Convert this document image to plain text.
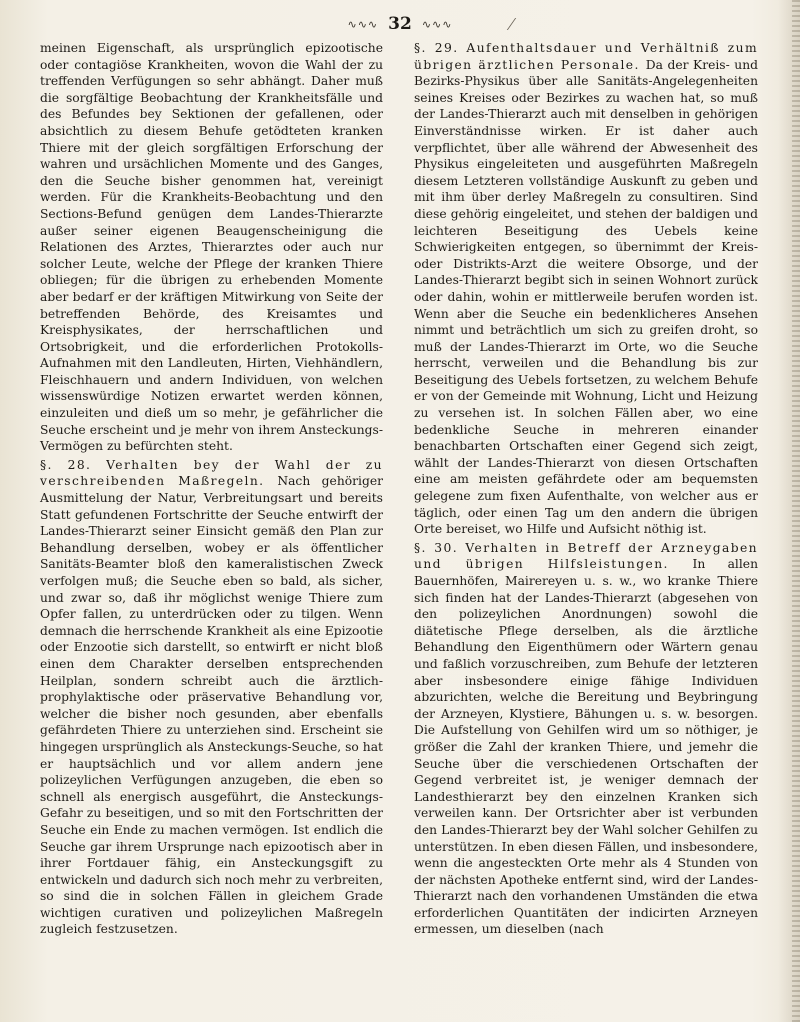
∿∿∿ 32 ∿∿∿

meinen Eigenschaft, als ursprünglich epizootische oder contagiöse Krankheiten, wovon die Wahl der zu treffenden Verfügungen so sehr abhängt. Daher muß die sorgfältige Beobachtung der Krankheitsfälle und des Befundes bey Sektionen der gefallenen, oder absichtlich zu diesem Behufe getödteten kranken Thiere mit der gleich sorgfältigen Erforschung der wahren und ursächlichen Momente und des Ganges, den die Seuche bisher genommen hat, vereinigt werden. Für die Krankheits-Beobachtung und den Sections-Befund genügen dem Landes-Thierarzte außer seiner eigenen Beaugenscheinigung die Relationen des Arztes, Thierarztes oder auch nur solcher Leute, welche der Pflege der kranken Thiere obliegen; für die übrigen zu erhebenden Momente aber bedarf er der kräftigen Mitwirkung von Seite der betreffenden Behörde, des Kreisamtes und Kreisphysikates, der herrschaftlichen und Ortsobrigkeit, und die erforderlichen Protokolls-Aufnahmen mit den Landleuten, Hirten, Viehhändlern, Fleischhauern und andern Individuen, von welchen wissenswürdige Notizen erwartet werden können, einzuleiten und dieß um so mehr, je gefährlicher die Seuche erscheint und je mehr von ihrem Ansteckungs-Vermögen zu befürchten steht.

§. 28. Verhalten bey der Wahl der zu verschreibenden Maßregeln. Nach gehöriger Ausmittelung der Natur, Verbreitungsart und bereits Statt gefundenen Fortschritte der Seuche entwirft der Landes-Thierarzt seiner Einsicht gemäß den Plan zur Behandlung derselben, wobey er als öffentlicher Sanitäts-Beamter bloß den kameralistischen Zweck verfolgen muß; die Seuche eben so bald, als sicher, und zwar so, daß ihr möglichst wenige Thiere zum Opfer fallen, zu unterdrücken oder zu tilgen. Wenn demnach die herrschende Krankheit als eine Epizootie oder Enzootie sich darstellt, so entwirft er nicht bloß einen dem Charakter derselben entsprechenden Heilplan, sondern schreibt auch die ärztlich-prophylaktische oder präservative Behandlung vor, welcher die bisher noch gesunden, aber ebenfalls gefährdeten Thiere zu unterziehen sind. Erscheint sie hingegen ursprünglich als Ansteckungs-Seuche, so hat er hauptsächlich und vor allem andern jene polizeylichen Verfügungen anzugeben, die eben so schnell als energisch ausgeführt, die Ansteckungs-Gefahr zu beseitigen, und so mit den Fortschritten der Seuche ein Ende zu machen vermögen. Ist endlich die Seuche gar ihrem Ursprunge nach epizootisch aber in ihrer Fortdauer fähig, ein Ansteckungsgift zu entwickeln und dadurch sich noch mehr zu verbreiten, so sind die in solchen Fällen in gleichem Grade wichtigen curativen und polizeylichen Maßregeln zugleich festzusetzen.

§. 29. Aufenthaltsdauer und Verhältniß zum übrigen ärztlichen Personale. Da der Kreis- und Bezirks-Physikus über alle Sanitäts-Angelegenheiten seines Kreises oder Bezirkes zu wachen hat, so muß der Landes-Thierarzt auch mit denselben in gehörigen Einverständnisse wirken. Er ist daher auch verpflichtet, über alle während der Abwesenheit des Physikus eingeleiteten und ausgeführten Maßregeln diesem Letzteren vollständige Auskunft zu geben und mit ihm über derley Maßregeln zu consultiren. Sind diese gehörig eingeleitet, und stehen der baldigen und leichteren Beseitigung des Uebels keine Schwierigkeiten entgegen, so übernimmt der Kreis- oder Distrikts-Arzt die weitere Obsorge, und der Landes-Thierarzt begibt sich in seinen Wohnort zurück oder dahin, wohin er mittlerweile berufen worden ist. Wenn aber die Seuche ein bedenklicheres Ansehen nimmt und beträchtlich um sich zu greifen droht, so muß der Landes-Thierarzt im Orte, wo die Seuche herrscht, verweilen und die Behandlung bis zur Beseitigung des Uebels fortsetzen, zu welchem Behufe er von der Gemeinde mit Wohnung, Licht und Heizung zu versehen ist. In solchen Fällen aber, wo eine bedenkliche Seuche in mehreren einander benachbarten Ortschaften einer Gegend sich zeigt, wählt der Landes-Thierarzt von diesen Ortschaften eine am meisten gefährdete oder am bequemsten gelegene zum fixen Aufenthalte, von welcher aus er täglich, oder einen Tag um den andern die übrigen Orte bereiset, wo Hilfe und Aufsicht nöthig ist.

§. 30. Verhalten in Betreff der Arzneygaben und übrigen Hilfsleistungen. In allen Bauernhöfen, Mairereyen u. s. w., wo kranke Thiere sich finden hat der Landes-Thierarzt (abgesehen von den polizeylichen Anordnungen) sowohl die diätetische Pflege derselben, als die ärztliche Behandlung den Eigenthümern oder Wärtern genau und faßlich vorzuschreiben, zum Behufe der letzteren aber insbesondere einige fähige Individuen abzurichten, welche die Bereitung und Beybringung der Arzneyen, Klystiere, Bähungen u. s. w. besorgen. Die Aufstellung von Gehilfen wird um so nöthiger, je größer die Zahl der kranken Thiere, und jemehr die Seuche über die verschiedenen Ortschaften der Gegend verbreitet ist, je weniger demnach der Landesthierarzt bey den einzelnen Kranken sich verweilen kann. Der Ortsrichter aber ist verbunden den Landes-Thierarzt bey der Wahl solcher Gehilfen zu unterstützen. In eben diesen Fällen, und insbesondere, wenn die angesteckten Orte mehr als 4 Stunden von der nächsten Apotheke entfernt sind, wird der Landes-Thierarzt nach den vorhandenen Umständen die etwa erforderlichen Quantitäten der indicirten Arzneyen ermessen, um dieselben (nach
